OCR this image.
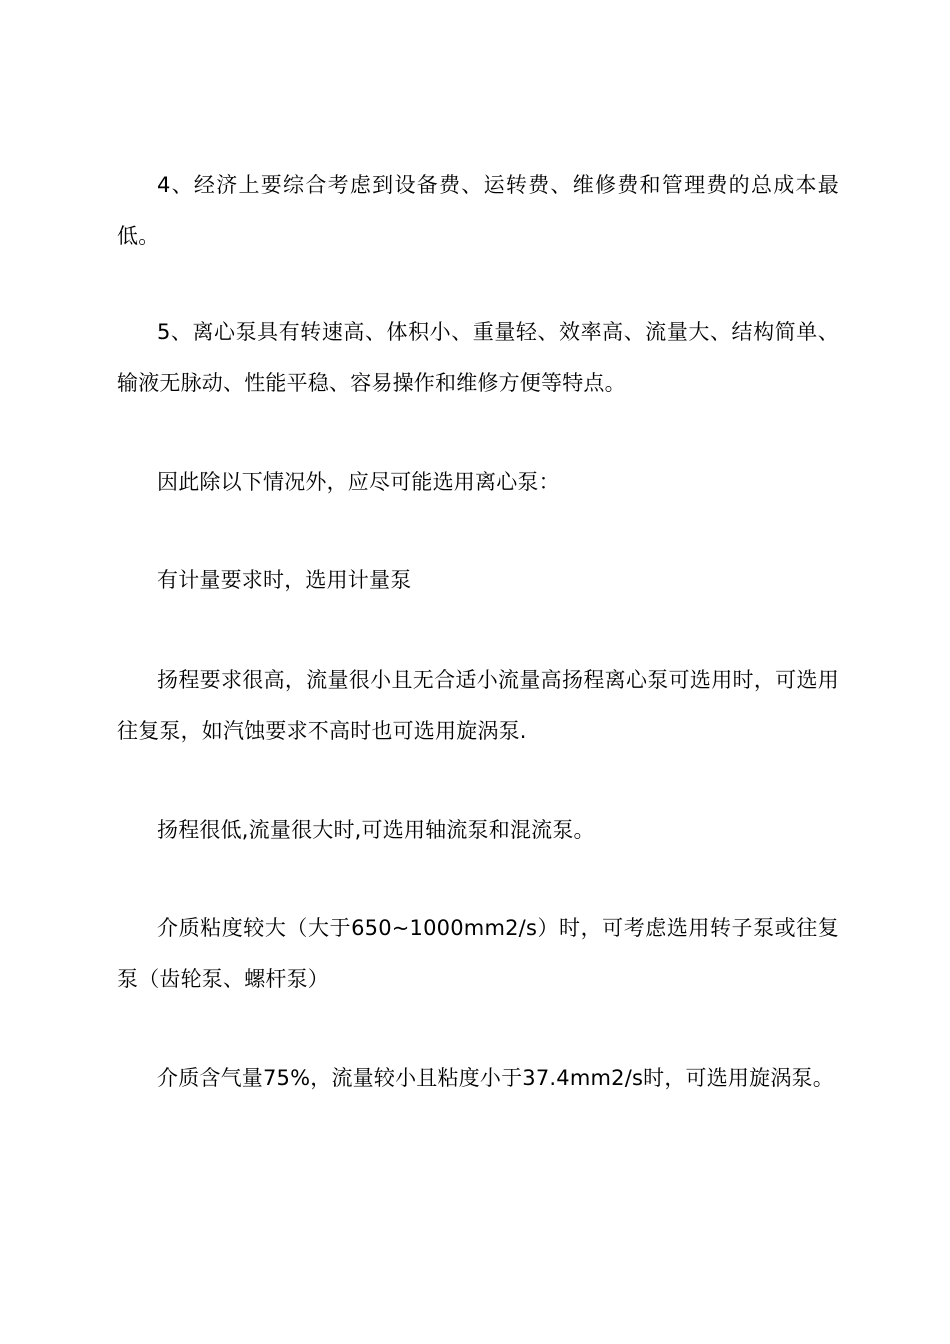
4、经济上要综合考虑到设备费、运转费、维修费和管理费的总成本最低。

5、离心泵具有转速高、体积小、重量轻、效率高、流量大、结构简单、输液无脉动、性能平稳、容易操作和维修方便等特点。

因此除以下情况外，应尽可能选用离心泵：

有计量要求时，选用计量泵

扬程要求很高，流量很小且无合适小流量高扬程离心泵可选用时，可选用往复泵，如汽蚀要求不高时也可选用旋涡泵.

扬程很低,流量很大时,可选用轴流泵和混流泵。

介质粘度较大（大于650~1000mm2/s）时，可考虑选用转子泵或往复泵（齿轮泵、螺杆泵）

介质含气量75%，流量较小且粘度小于37.4mm2/s时，可选用旋涡泵。
